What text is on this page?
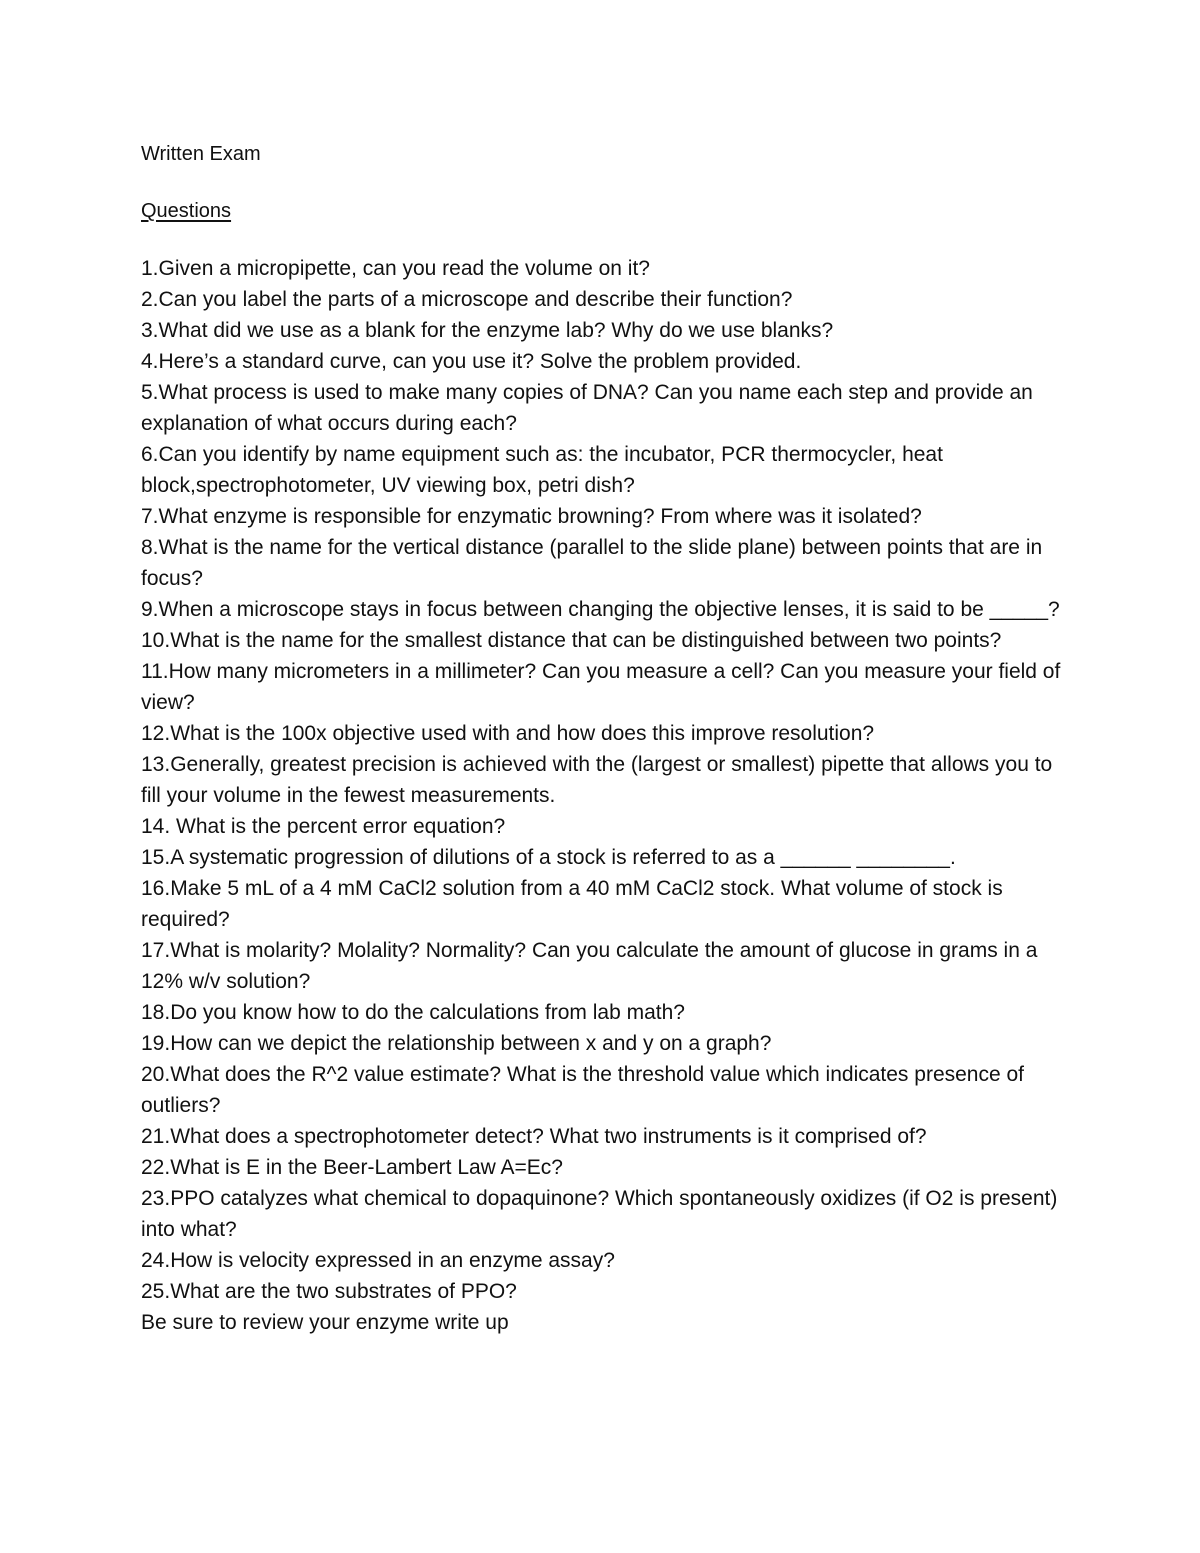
Written Exam

Questions

1.Given a micropipette, can you read the volume on it?
2.Can you label the parts of a microscope and describe their function?
3.What did we use as a blank for the enzyme lab? Why do we use blanks?
4.Here’s a standard curve, can you use it? Solve the problem provided.
5.What process is used to make many copies of DNA? Can you name each step and provide an explanation of what occurs during each?
6.Can you identify by name equipment such as: the incubator, PCR thermocycler, heat block,spectrophotometer, UV viewing box, petri dish?
7.What enzyme is responsible for enzymatic browning? From where was it isolated?
8.What is the name for the vertical distance (parallel to the slide plane) between points that are in focus?
9.When a microscope stays in focus between changing the objective lenses, it is said to be _____?
10.What is the name for the smallest distance that can be distinguished between two points?
11.How many micrometers in a millimeter? Can you measure a cell? Can you measure your field of view?
12.What is the 100x objective used with and how does this improve resolution?
13.Generally, greatest precision is achieved with the (largest or smallest) pipette that allows you to fill your volume in the fewest measurements.
14. What is the percent error equation?
15.A systematic progression of dilutions of a stock is referred to as a ______ ________.
16.Make 5 mL of a 4 mM CaCl2 solution from a 40 mM CaCl2 stock. What volume of stock is required?
17.What is molarity? Molality? Normality? Can you calculate the amount of glucose in grams in a 12% w/v solution?
18.Do you know how to do the calculations from lab math?
19.How can we depict the relationship between x and y on a graph?
20.What does the R^2 value estimate? What is the threshold value which indicates presence of outliers?
21.What does a spectrophotometer detect? What two instruments is it comprised of?
22.What is E in the Beer-Lambert Law A=Ec?
23.PPO catalyzes what chemical to dopaquinone? Which spontaneously oxidizes (if O2 is present) into what?
24.How is velocity expressed in an enzyme assay?
25.What are the two substrates of PPO?

Be sure to review your enzyme write up
